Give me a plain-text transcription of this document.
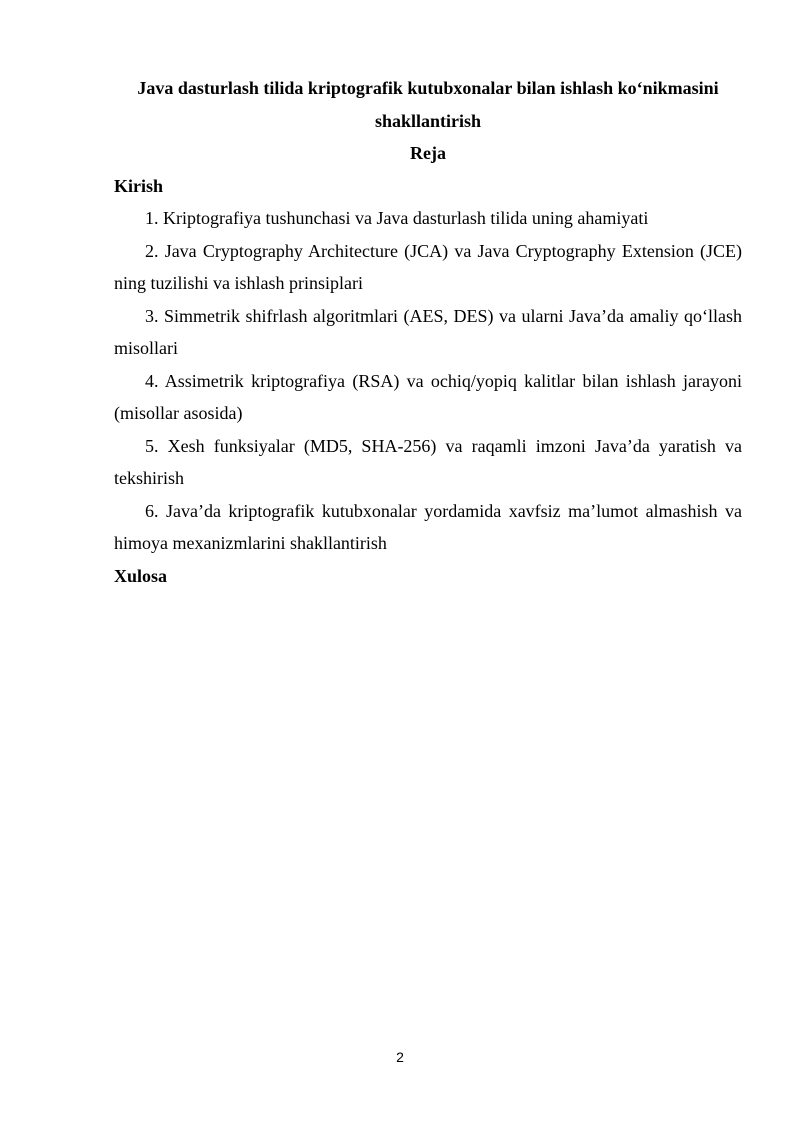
Java dasturlash tilida kriptografik kutubxonalar bilan ishlash ko‘nikmasini shakllantirish
Reja
Kirish
1. Kriptografiya tushunchasi va Java dasturlash tilida uning ahamiyati
2. Java Cryptography Architecture (JCA) va Java Cryptography Extension (JCE) ning tuzilishi va ishlash prinsiplari
3. Simmetrik shifrlash algoritmlari (AES, DES) va ularni Java’da amaliy qo‘llash misollari
4. Assimetrik kriptografiya (RSA) va ochiq/yopiq kalitlar bilan ishlash jarayoni (misollar asosida)
5. Xesh funksiyalar (MD5, SHA-256) va raqamli imzoni Java’da yaratish va tekshirish
6. Java’da kriptografik kutubxonalar yordamida xavfsiz ma’lumot almashish va himoya mexanizmlarini shakllantirish
Xulosa
2
